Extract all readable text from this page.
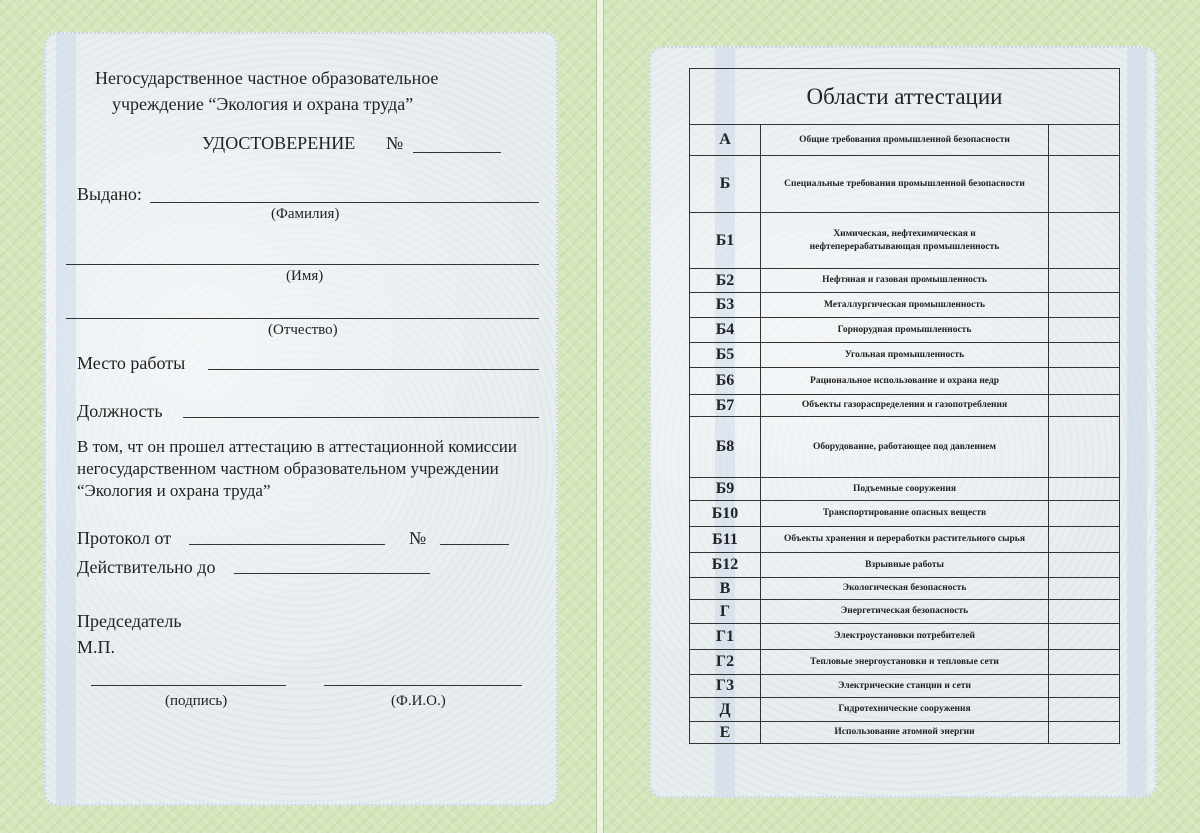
Негосударственное частное образовательное
учреждение “Экология и охрана труда”
УДОСТОВЕРЕНИЕ №
Выдано:
(Фамилия)
(Имя)
(Отчество)
Место работы
Должность
В том, чт он прошел аттестацию в аттестационной комиссии
негосударственном частном образовательном учреждении
“Экология и охрана труда”
Протокол от	№
Действительно до
Председатель
М.П.
(подпись)	(Ф.И.О.)
Области аттестации		
А	Общие требования промышленной безопасности	
Б	Специальные требования промышленной безопасности	
Б1	Химическая, нефтехимическая и нефтеперерабатывающая промышленность	
Б2	Нефтяная и газовая промышленность	
Б3	Металлургическая промышленность	
Б4	Горнорудная промышленность	
Б5	Угольная промышленность	
Б6	Рациональное использование и охрана недр	
Б7	Объекты газораспределения и газопотребления	
Б8	Оборудование, работающее под давлением	
Б9	Подъемные сооружения	
Б10	Транспортирование опасных веществ	
Б11	Объекты хранения и переработки растительного сырья	
Б12	Взрывные работы	
В	Экологическая безопасность	
Г	Энергетическая безопасность	
Г1	Электроустановки потребителей	
Г2	Тепловые энергоустановки и тепловые сети	
Г3	Электрические станции и сети	
Д	Гидротехнические сооружения	
Е	Использование атомной энергии	
